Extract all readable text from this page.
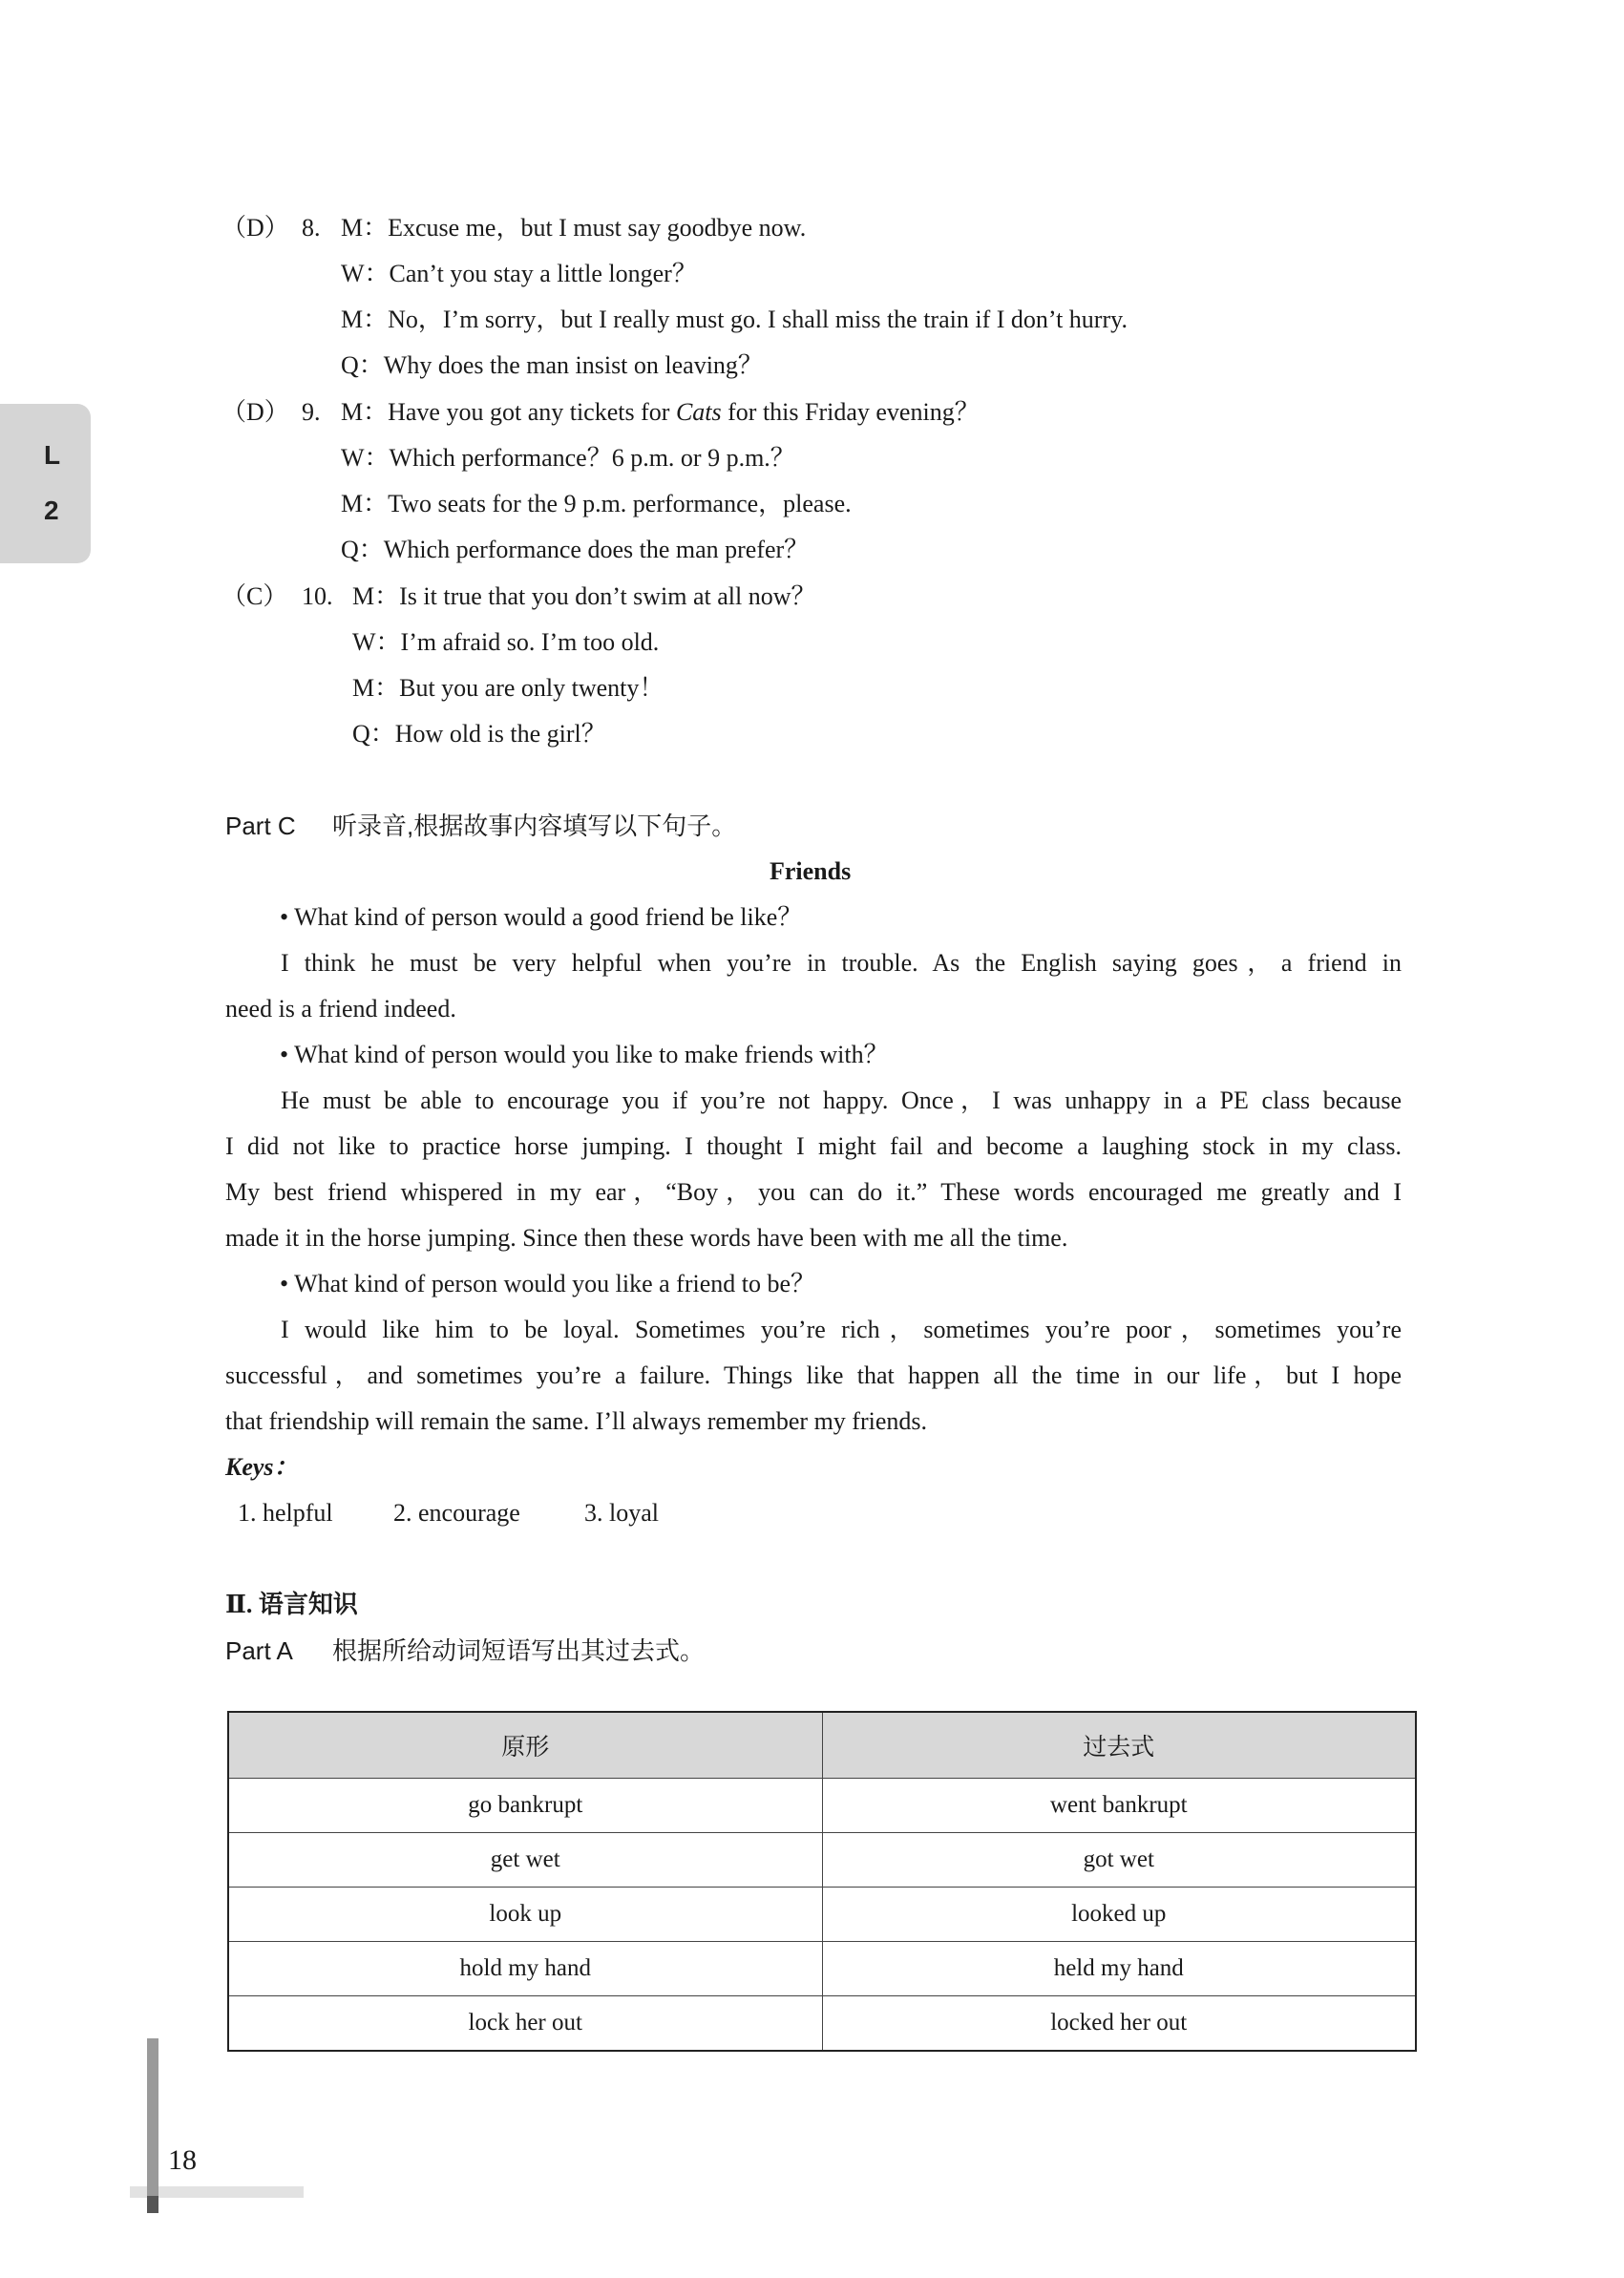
L
2
（D） 8. M：Excuse me，but I must say goodbye now.
W：Can’t you stay a little longer？
M：No，I’m sorry，but I really must go. I shall miss the train if I don’t hurry.
Q：Why does the man insist on leaving？
（D） 9. M：Have you got any tickets for Cats for this Friday evening？
W：Which performance？6 p.m. or 9 p.m.？
M：Two seats for the 9 p.m. performance，please.
Q：Which performance does the man prefer？
（C） 10. M：Is it true that you don’t swim at all now？
W：I’m afraid so. I’m too old.
M：But you are only twenty！
Q：How old is the girl？
Part C 听录音,根据故事内容填写以下句子。
Friends
• What kind of person would a good friend be like？
I think he must be very helpful when you’re in trouble. As the English saying goes，a friend in
need is a friend indeed.
• What kind of person would you like to make friends with？
He must be able to encourage you if you’re not happy. Once，I was unhappy in a PE class because
I did not like to practice horse jumping. I thought I might fail and become a laughing stock in my class.
My best friend whispered in my ear，“Boy，you can do it.” These words encouraged me greatly and I
made it in the horse jumping. Since then these words have been with me all the time.
• What kind of person would you like a friend to be？
I would like him to be loyal. Sometimes you’re rich，sometimes you’re poor，sometimes you’re
successful，and sometimes you’re a failure. Things like that happen all the time in our life，but I hope
that friendship will remain the same. I’ll always remember my friends.
Keys：
1. helpful 2. encourage	3. loyal
Ⅱ. 语言知识
Part A 根据所给动词短语写出其过去式。
原形	过去式
go bankrupt	went bankrupt
get wet	got wet
look up	looked up
hold my hand	held my hand
lock her out	locked her out
18
